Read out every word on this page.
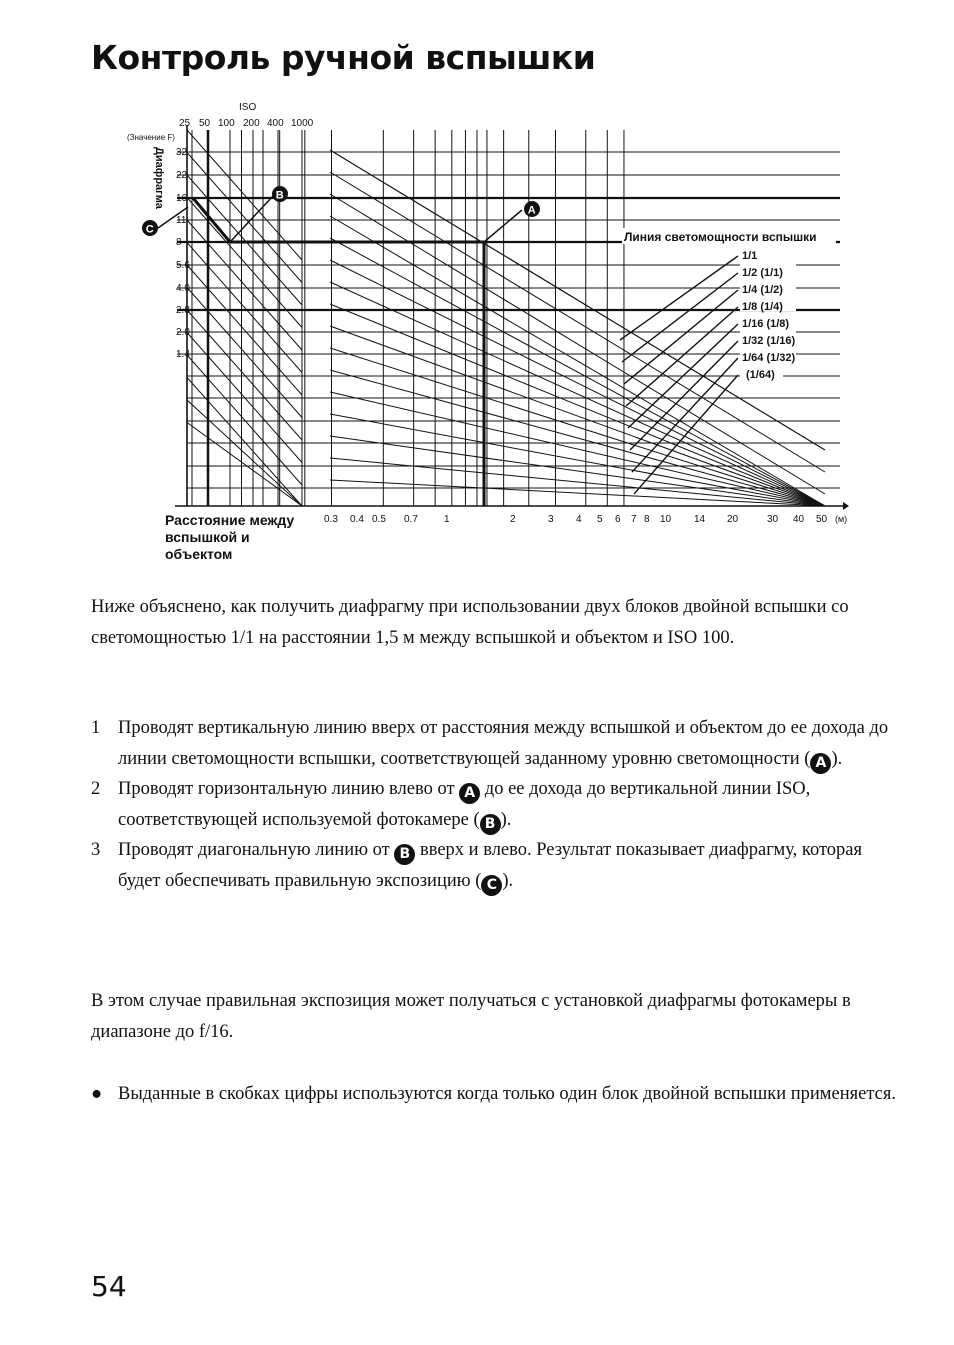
Контроль ручной вспышки
A
B
C
ISO
25 50 100 200 400 1000
(Значение F)
Диафрагма 32
22
16
11
8
5.6
4.0
2.8
2.0
1.4
0.3 0.4 0.5 0.7	1	2	3 4 5 6 7 8 10 14 20	30 40 50 (м)
Расстояние между вспышкой и объектом
Линия светомощности вспышки
1/1
1/2 (1/1)
1/4 (1/2)
1/8 (1/4)
1/16 (1/8)
1/32 (1/16)
1/64 (1/32)
(1/64)

Ниже объяснено, как получить диафрагму при использовании двух блоков двойной вспышки со светомощностью 1/1 на расстоянии 1,5 м между вспышкой и объектом и ISO 100.

1 Проводят вертикальную линию вверх от расстояния между вспышкой и объектом до ее дохода до линии светомощности вспышки, соответствующей заданному уровню светомощности ( A ).
2 Проводят горизонтальную линию влево от A до ее дохода до вертикальной линии ISO, соответствующей используемой фотокамере ( B ).
3 Проводят диагональную линию от B вверх и влево. Результат показывает диафрагму, которая будет обеспечивать правильную экспозицию ( C ).

В этом случае правильная экспозиция может получаться с установкой диафрагмы фотокамеры в диапазоне до f/16.

● Выданные в скобках цифры используются когда только один блок двойной вспышки применяется.
54
